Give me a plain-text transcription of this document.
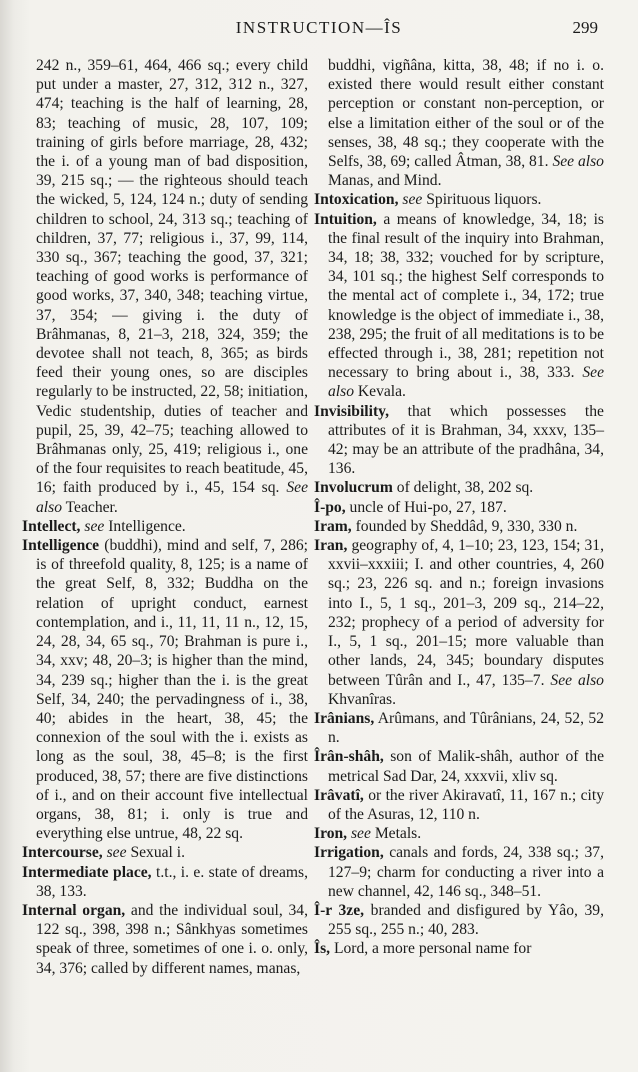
INSTRUCTION—ÎS	299

242 n., 359–61, 464, 466 sq.; every child put under a master, 27, 312, 312 n., 327, 474; teaching is the half of learning, 28, 83; teaching of music, 28, 107, 109; training of girls before marriage, 28, 432; the i. of a young man of bad disposition, 39, 215 sq.; — the righteous should teach the wicked, 5, 124, 124 n.; duty of sending children to school, 24, 313 sq.; teaching of children, 37, 77; religious i., 37, 99, 114, 330 sq., 367; teaching the good, 37, 321; teaching of good works is performance of good works, 37, 340, 348; teaching virtue, 37, 354; — giving i. the duty of Brâhmanas, 8, 21–3, 218, 324, 359; the devotee shall not teach, 8, 365; as birds feed their young ones, so are disciples regularly to be instructed, 22, 58; initiation, Vedic studentship, duties of teacher and pupil, 25, 39, 42–75; teaching allowed to Brâhmanas only, 25, 419; religious i., one of the four requisites to reach beatitude, 45, 16; faith produced by i., 45, 154 sq. See also Teacher.

Intellect, see Intelligence.

Intelligence (buddhi), mind and self, 7, 286; is of threefold quality, 8, 125; is a name of the great Self, 8, 332; Buddha on the relation of upright conduct, earnest contemplation, and i., 11, 11, 11 n., 12, 15, 24, 28, 34, 65 sq., 70; Brahman is pure i., 34, xxv; 48, 20–3; is higher than the mind, 34, 239 sq.; higher than the i. is the great Self, 34, 240; the pervadingness of i., 38, 40; abides in the heart, 38, 45; the connexion of the soul with the i. exists as long as the soul, 38, 45–8; is the first produced, 38, 57; there are five distinctions of i., and on their account five intellectual organs, 38, 81; i. only is true and everything else untrue, 48, 22 sq.

Intercourse, see Sexual i.

Intermediate place, t.t., i. e. state of dreams, 38, 133.

Internal organ, and the individual soul, 34, 122 sq., 398, 398 n.; Sânkhyas sometimes speak of three, sometimes of one i. o. only, 34, 376; called by different names, manas,

buddhi, vigñâna, kitta, 38, 48; if no i. o. existed there would result either constant perception or constant non-perception, or else a limitation either of the soul or of the senses, 38, 48 sq.; they cooperate with the Selfs, 38, 69; called Âtman, 38, 81. See also Manas, and Mind.

Intoxication, see Spirituous liquors.

Intuition, a means of knowledge, 34, 18; is the final result of the inquiry into Brahman, 34, 18; 38, 332; vouched for by scripture, 34, 101 sq.; the highest Self corresponds to the mental act of complete i., 34, 172; true knowledge is the object of immediate i., 38, 238, 295; the fruit of all meditations is to be effected through i., 38, 281; repetition not necessary to bring about i., 38, 333. See also Kevala.

Invisibility, that which possesses the attributes of it is Brahman, 34, xxxv, 135–42; may be an attribute of the pradhâna, 34, 136.

Involucrum of delight, 38, 202 sq.

Î-po, uncle of Hui-po, 27, 187.

Iram, founded by Sheddâd, 9, 330, 330 n.

Iran, geography of, 4, 1–10; 23, 123, 154; 31, xxvii–xxxiii; I. and other countries, 4, 260 sq.; 23, 226 sq. and n.; foreign invasions into I., 5, 1 sq., 201–3, 209 sq., 214–22, 232; prophecy of a period of adversity for I., 5, 1 sq., 201–15; more valuable than other lands, 24, 345; boundary disputes between Tûrân and I., 47, 135–7. See also Khvanîras.

Irânians, Arûmans, and Tûrânians, 24, 52, 52 n.

Îrân-shâh, son of Malik-shâh, author of the metrical Sad Dar, 24, xxxvii, xliv sq.

Irâvatî, or the river Akiravatî, 11, 167 n.; city of the Asuras, 12, 110 n.

Iron, see Metals.

Irrigation, canals and fords, 24, 338 sq.; 37, 127–9; charm for conducting a river into a new channel, 42, 146 sq., 348–51.

Î-r 3ze, branded and disfigured by Yâo, 39, 255 sq., 255 n.; 40, 283.

Îs, Lord, a more personal name for
